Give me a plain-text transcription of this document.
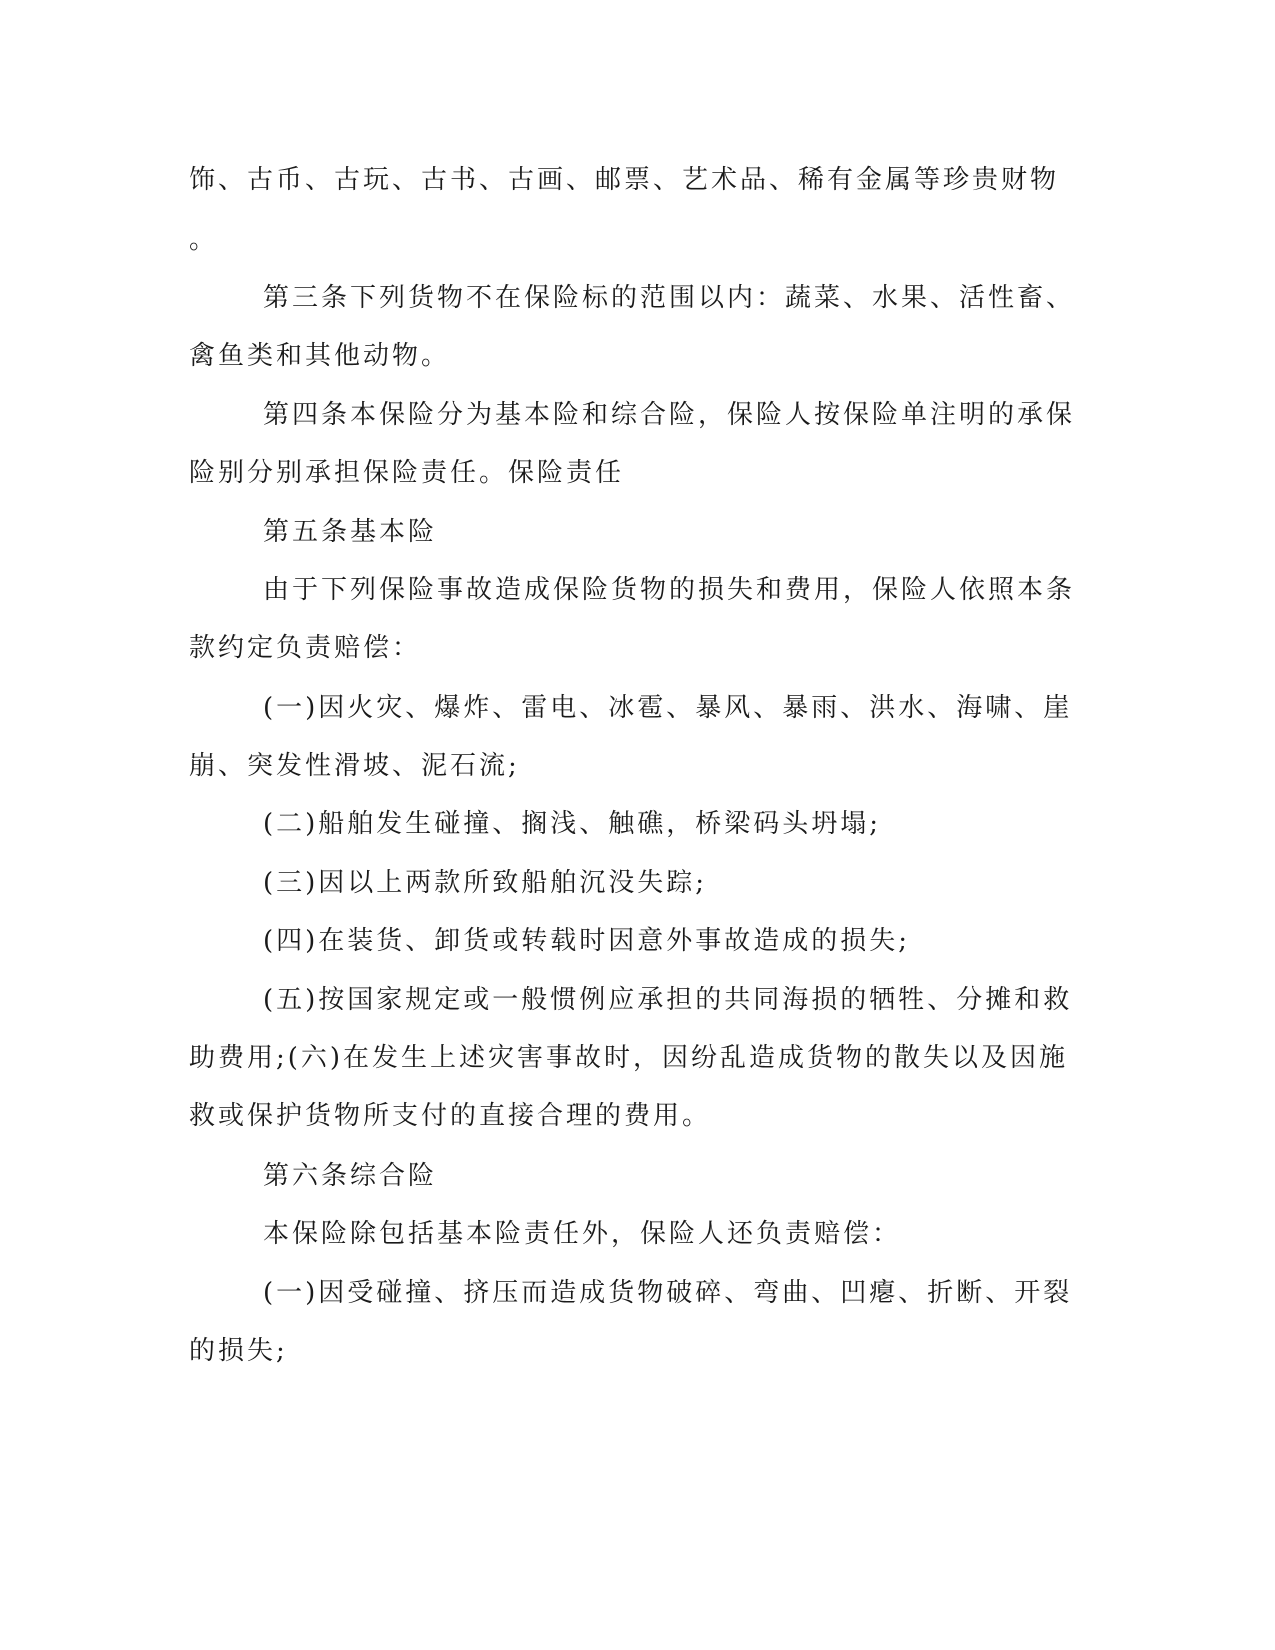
饰、古币、古玩、古书、古画、邮票、艺术品、稀有金属等珍贵财物
。
第三条下列货物不在保险标的范围以内：蔬菜、水果、活性畜、
禽鱼类和其他动物。
第四条本保险分为基本险和综合险，保险人按保险单注明的承保
险别分别承担保险责任。保险责任
第五条基本险
由于下列保险事故造成保险货物的损失和费用，保险人依照本条
款约定负责赔偿：
(一)因火灾、爆炸、雷电、冰雹、暴风、暴雨、洪水、海啸、崖
崩、突发性滑坡、泥石流;
(二)船舶发生碰撞、搁浅、触礁，桥梁码头坍塌;
(三)因以上两款所致船舶沉没失踪;
(四)在装货、卸货或转载时因意外事故造成的损失;
(五)按国家规定或一般惯例应承担的共同海损的牺牲、分摊和救
助费用;(六)在发生上述灾害事故时，因纷乱造成货物的散失以及因施
救或保护货物所支付的直接合理的费用。
第六条综合险
本保险除包括基本险责任外，保险人还负责赔偿：
(一)因受碰撞、挤压而造成货物破碎、弯曲、凹瘪、折断、开裂
的损失;
